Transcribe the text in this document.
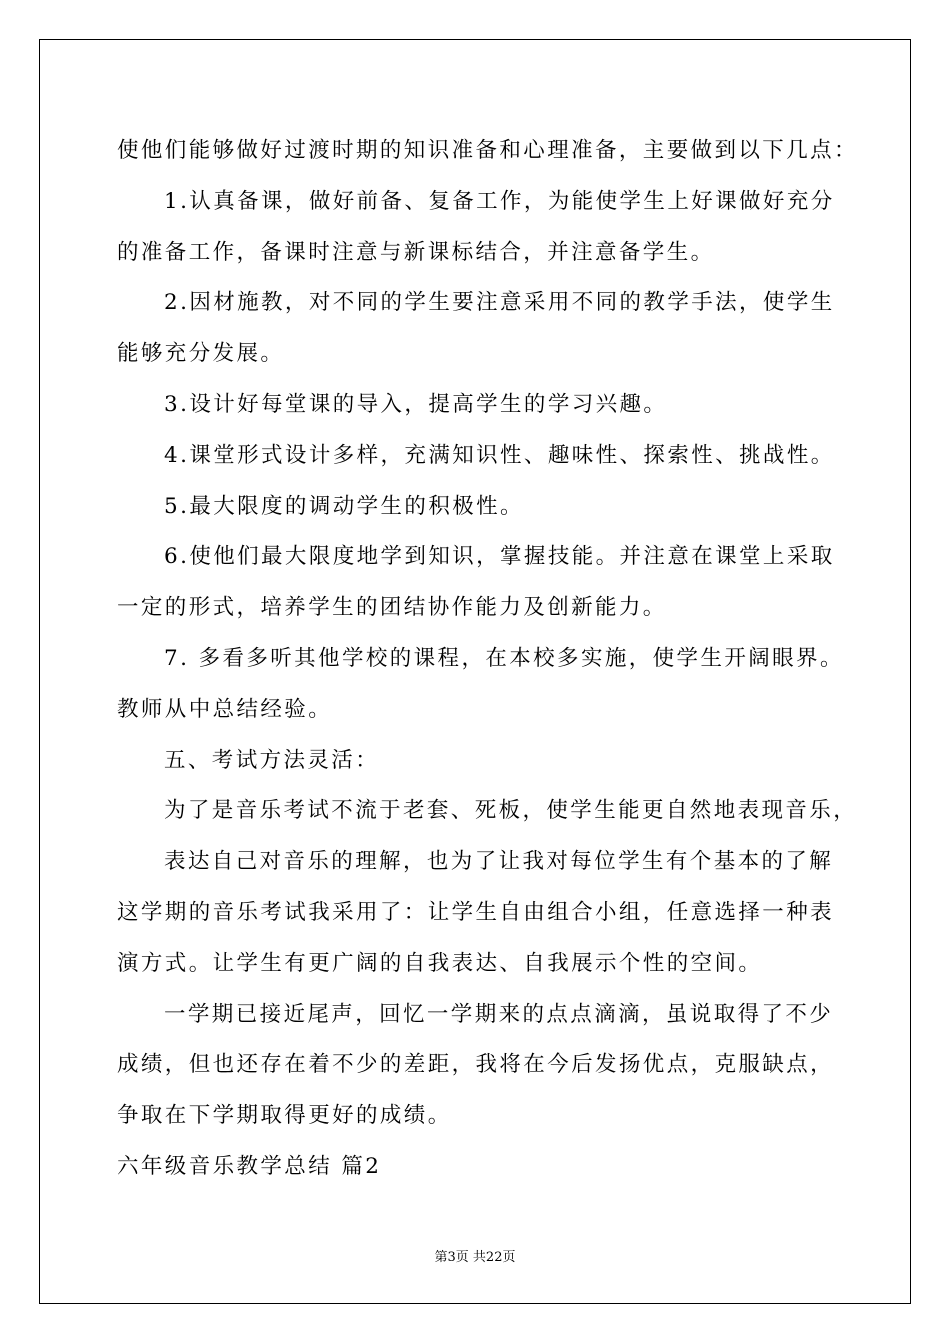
使他们能够做好过渡时期的知识准备和心理准备，主要做到以下几点：
1.认真备课，做好前备、复备工作，为能使学生上好课做好充分
的准备工作，备课时注意与新课标结合，并注意备学生。
2.因材施教，对不同的学生要注意采用不同的教学手法，使学生
能够充分发展。
3.设计好每堂课的导入，提高学生的学习兴趣。
4.课堂形式设计多样，充满知识性、趣味性、探索性、挑战性。
5.最大限度的调动学生的积极性。
6.使他们最大限度地学到知识，掌握技能。并注意在课堂上采取
一定的形式，培养学生的团结协作能力及创新能力。
7. 多看多听其他学校的课程，在本校多实施，使学生开阔眼界。
教师从中总结经验。
五、考试方法灵活：
为了是音乐考试不流于老套、死板，使学生能更自然地表现音乐，
表达自己对音乐的理解，也为了让我对每位学生有个基本的了解
这学期的音乐考试我采用了：让学生自由组合小组，任意选择一种表
演方式。让学生有更广阔的自我表达、自我展示个性的空间。
一学期已接近尾声，回忆一学期来的点点滴滴，虽说取得了不少
成绩，但也还存在着不少的差距，我将在今后发扬优点，克服缺点，
争取在下学期取得更好的成绩。
六年级音乐教学总结 篇2
第3页 共22页
